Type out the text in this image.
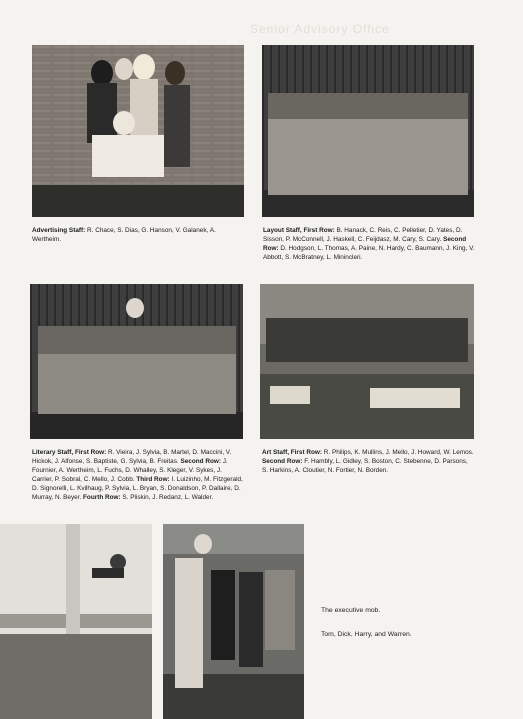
Senior Advisory Office
Advertising Staff: R. Chace, S. Dias, G. Hanson, V. Galanek, A. Wertheim.
Layout Staff, First Row: B. Hanack, C. Reis, C. Pelletier, D. Yates, D. Sisson, P. McConnell, J. Haskell, C. Feijdasz, M. Cary, S. Cary. Second Row: D. Hodgson, L. Thomas, A. Paine, N. Hardy, C. Baumann, J. King, V. Abbott, S. McBratney, L. Minincleri.
Literary Staff, First Row: R. Vieira, J. Sylvia, B. Martel, D. Maccini, V. Hickok, J. Alfonse, S. Baptiste, G. Sylvia, B. Freitas. Second Row: J. Fournier, A. Wertheim, L. Fuchs, D. Whalley, S. Kleger, V. Sykes, J. Carrier, P. Sobral, C. Mello, J. Cobb. Third Row: I. Luizinho, M. Fitzgerald, D. Signorelli, L. Kvilhaug, P. Sylvia, L. Bryan, S. Donaldson, P. Dallaire, D. Murray, N. Beyer. Fourth Row: S. Pliskin, J. Redanz, L. Walder.
Art Staff, First Row: R. Philips, K. Mullins, J. Mello, J. Howard, W. Lemos. Second Row: F. Hambly, L. Gidley, S. Boston, C. Stebenne, D. Parsons, S. Harkins, A. Cloutier, N. Fortier, N. Borden.
The executive mob.
Tom, Dick, Harry, and Warren.
